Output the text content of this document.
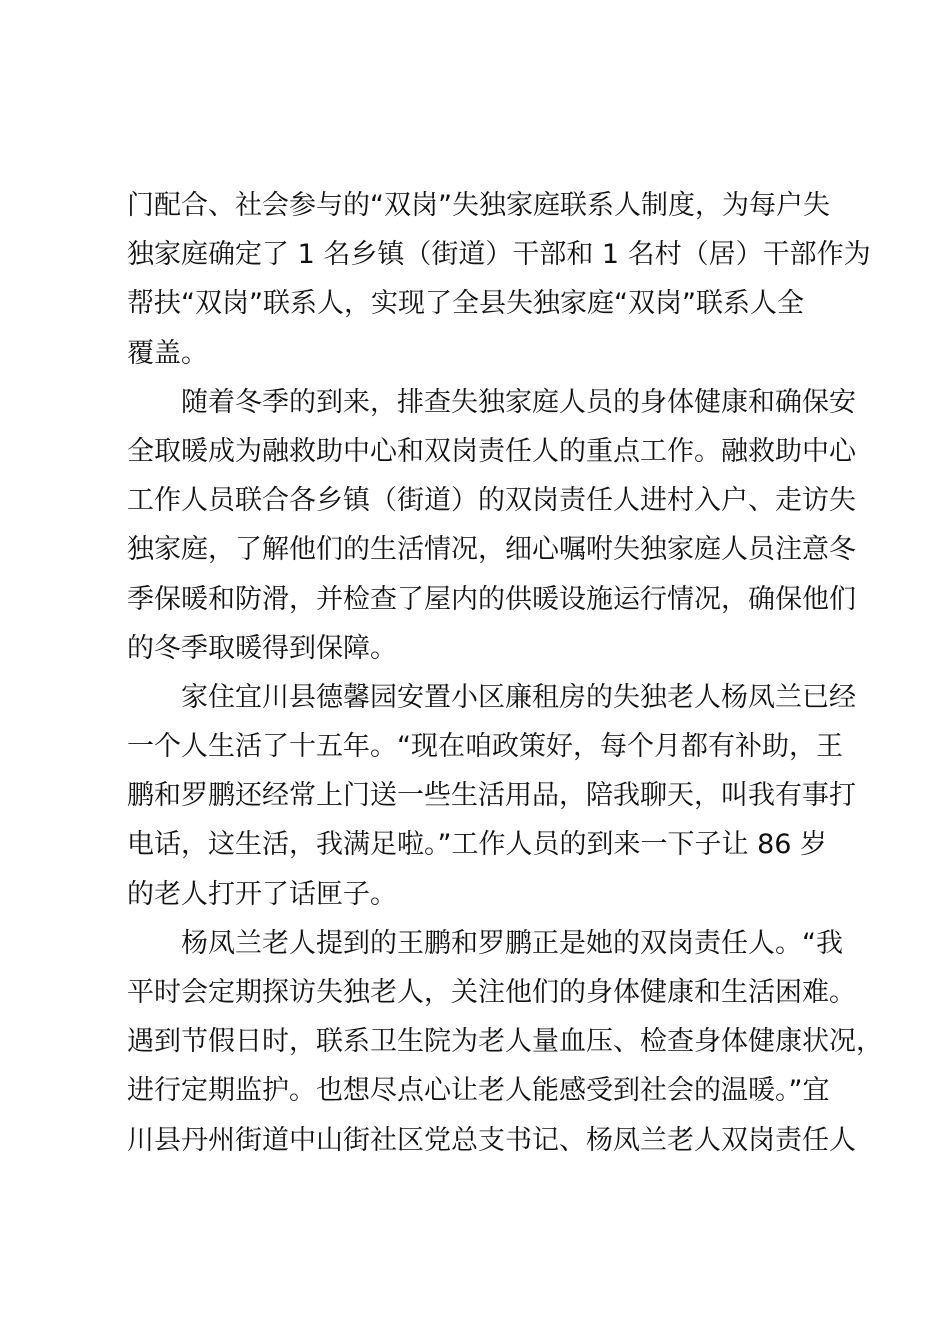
门配合、社会参与的“双岗”失独家庭联系人制度，为每户失
独家庭确定了 1 名乡镇（街道）干部和 1 名村（居）干部作为
帮扶“双岗”联系人，实现了全县失独家庭“双岗”联系人全
覆盖。
随着冬季的到来，排查失独家庭人员的身体健康和确保安
全取暖成为融救助中心和双岗责任人的重点工作。融救助中心
工作人员联合各乡镇（街道）的双岗责任人进村入户、走访失
独家庭，了解他们的生活情况，细心嘱咐失独家庭人员注意冬
季保暖和防滑，并检查了屋内的供暖设施运行情况，确保他们
的冬季取暖得到保障。
家住宜川县德馨园安置小区廉租房的失独老人杨凤兰已经
一个人生活了十五年。“现在咱政策好，每个月都有补助，王
鹏和罗鹏还经常上门送一些生活用品，陪我聊天，叫我有事打
电话，这生活，我满足啦。”工作人员的到来一下子让 86 岁
的老人打开了话匣子。
杨凤兰老人提到的王鹏和罗鹏正是她的双岗责任人。“我
平时会定期探访失独老人，关注他们的身体健康和生活困难。
遇到节假日时，联系卫生院为老人量血压、检查身体健康状况，
进行定期监护。也想尽点心让老人能感受到社会的温暖。”宜
川县丹州街道中山街社区党总支书记、杨凤兰老人双岗责任人
